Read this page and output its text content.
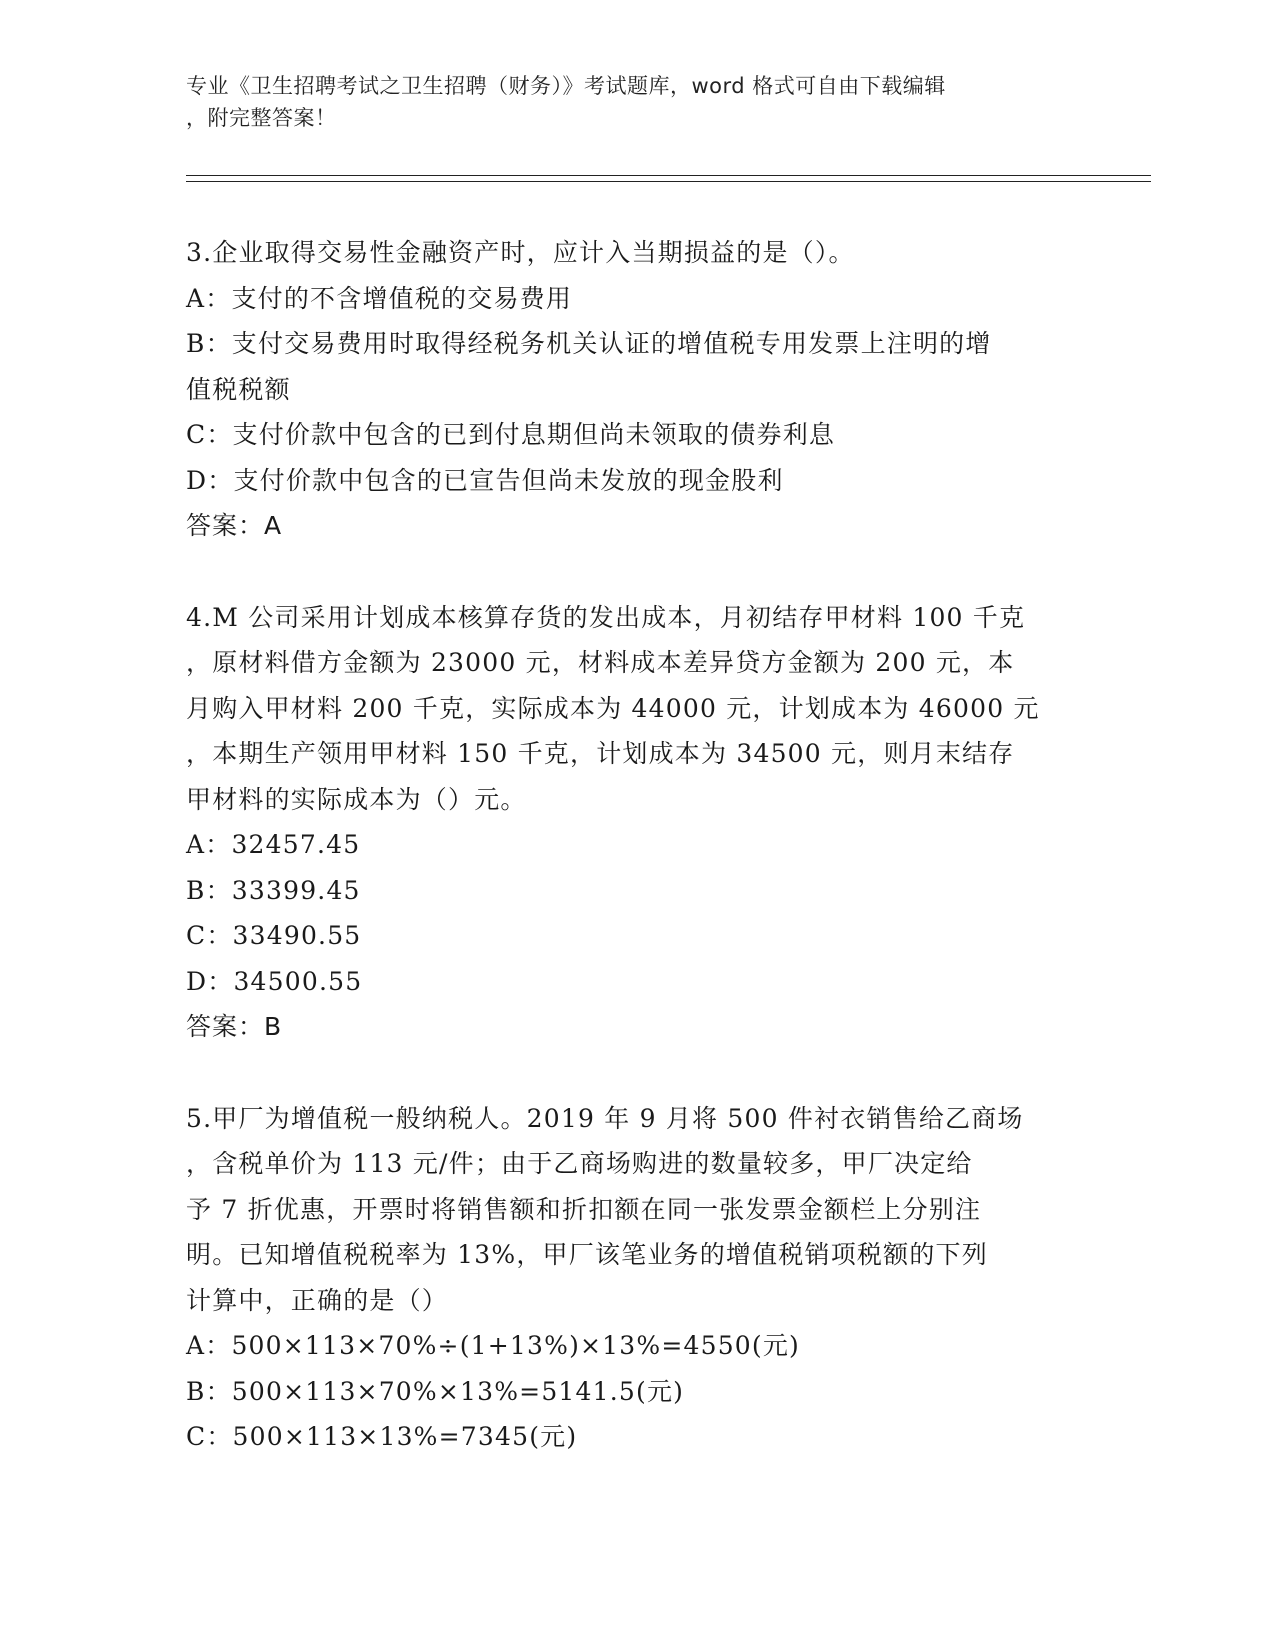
专业《卫生招聘考试之卫生招聘（财务）》考试题库，word 格式可自由下载编辑
，附完整答案！
3.企业取得交易性金融资产时，应计入当期损益的是（）。
A：支付的不含增值税的交易费用
B：支付交易费用时取得经税务机关认证的增值税专用发票上注明的增
值税税额
C：支付价款中包含的已到付息期但尚未领取的债券利息
D：支付价款中包含的已宣告但尚未发放的现金股利
答案：A
4.M 公司采用计划成本核算存货的发出成本，月初结存甲材料 100 千克
，原材料借方金额为 23000 元，材料成本差异贷方金额为 200 元，本
月购入甲材料 200 千克，实际成本为 44000 元，计划成本为 46000 元
，本期生产领用甲材料 150 千克，计划成本为 34500 元，则月末结存
甲材料的实际成本为（）元。
A：32457.45
B：33399.45
C：33490.55
D：34500.55
答案：B
5.甲厂为增值税一般纳税人。2019 年 9 月将 500 件衬衣销售给乙商场
，含税单价为 113 元/件；由于乙商场购进的数量较多，甲厂决定给
予 7 折优惠，开票时将销售额和折扣额在同一张发票金额栏上分别注
明。已知增值税税率为 13%，甲厂该笔业务的增值税销项税额的下列
计算中，正确的是（）
A：500×113×70%÷(1+13%)×13%=4550(元)
B：500×113×70%×13%=5141.5(元)
C：500×113×13%=7345(元)
